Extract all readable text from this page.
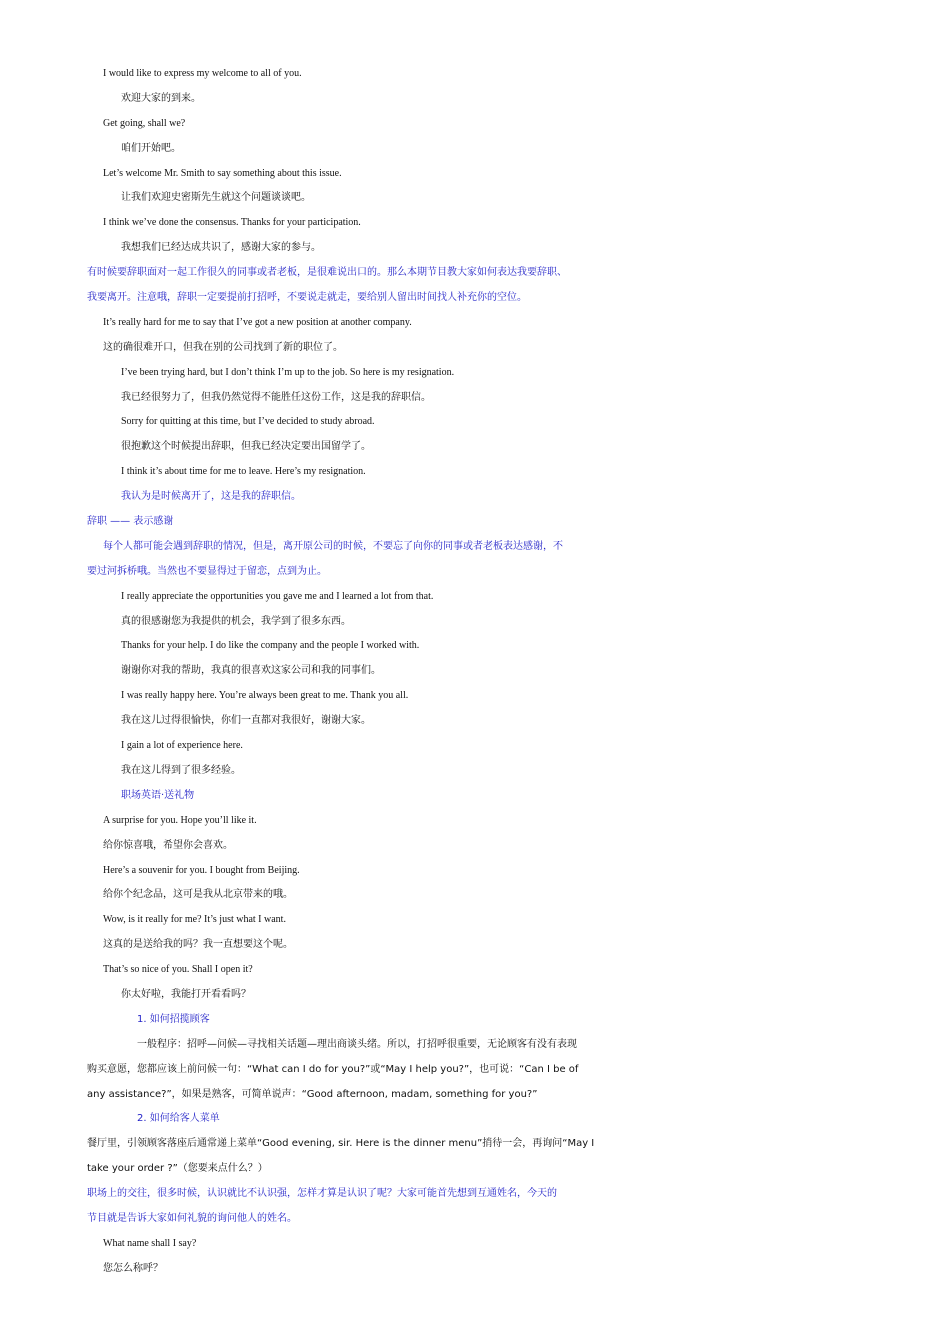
I would like to express my welcome to all of you.
欢迎大家的到来。
Get going, shall we?
咱们开始吧。
Let’s welcome Mr. Smith to say something about this issue.
让我们欢迎史密斯先生就这个问题谈谈吧。
I think we’ve done the consensus. Thanks for your participation.
我想我们已经达成共识了，感谢大家的参与。
有时候要辞职面对一起工作很久的同事或者老板，是很难说出口的。那么本期节目教大家如何表达我要辞职、
我要离开。注意哦，辞职一定要提前打招呼，不要说走就走，要给别人留出时间找人补充你的空位。
It’s really hard for me to say that I’ve got a new position at another company.
这的确很难开口，但我在别的公司找到了新的职位了。
I’ve been trying hard, but I don’t think I’m up to the job. So here is my resignation.
我已经很努力了，但我仍然觉得不能胜任这份工作，这是我的辞职信。
Sorry for quitting at this time, but I’ve decided to study abroad.
很抱歉这个时候提出辞职，但我已经决定要出国留学了。
I think it’s about time for me to leave. Here’s my resignation.
我认为是时候离开了，这是我的辞职信。
辞职 —— 表示感谢
每个人都可能会遇到辞职的情况，但是，离开原公司的时候，不要忘了向你的同事或者老板表达感谢，不
要过河拆桥哦。当然也不要显得过于留恋，点到为止。
I really appreciate the opportunities you gave me and I learned a lot from that.
真的很感谢您为我提供的机会，我学到了很多东西。
Thanks for your help. I do like the company and the people I worked with.
谢谢你对我的帮助，我真的很喜欢这家公司和我的同事们。
I was really happy here. You’re always been great to me. Thank you all.
我在这儿过得很愉快，你们一直都对我很好，谢谢大家。
I gain a lot of experience here.
我在这儿得到了很多经验。
职场英语·送礼物
A surprise for you. Hope you’ll like it.
给你惊喜哦，希望你会喜欢。
Here’s a souvenir for you. I bought from Beijing.
给你个纪念品，这可是我从北京带来的哦。
Wow, is it really for me? It’s just what I want.
这真的是送给我的吗？我一直想要这个呢。
That’s so nice of you. Shall I open it?
你太好啦，我能打开看看吗？
1. 如何招揽顾客
一般程序：招呼—问候—寻找相关话题—理出商谈头绪。所以，打招呼很重要，无论顾客有没有表现
购买意愿，您都应该上前问候一句：“What can I do for you?”或“May I help you?”，也可说：“Can I be of
any assistance?”，如果是熟客，可简单说声：“Good afternoon, madam, something for you?”
2. 如何给客人菜单
餐厅里，引领顾客落座后通常递上菜单“Good evening, sir. Here is the dinner menu”捎待一会，再询问“May I
take your order ?”（您要来点什么？）
职场上的交往，很多时候，认识就比不认识强，怎样才算是认识了呢？大家可能首先想到互通姓名，今天的
节目就是告诉大家如何礼貌的询问他人的姓名。
What name shall I say?
您怎么称呼？
